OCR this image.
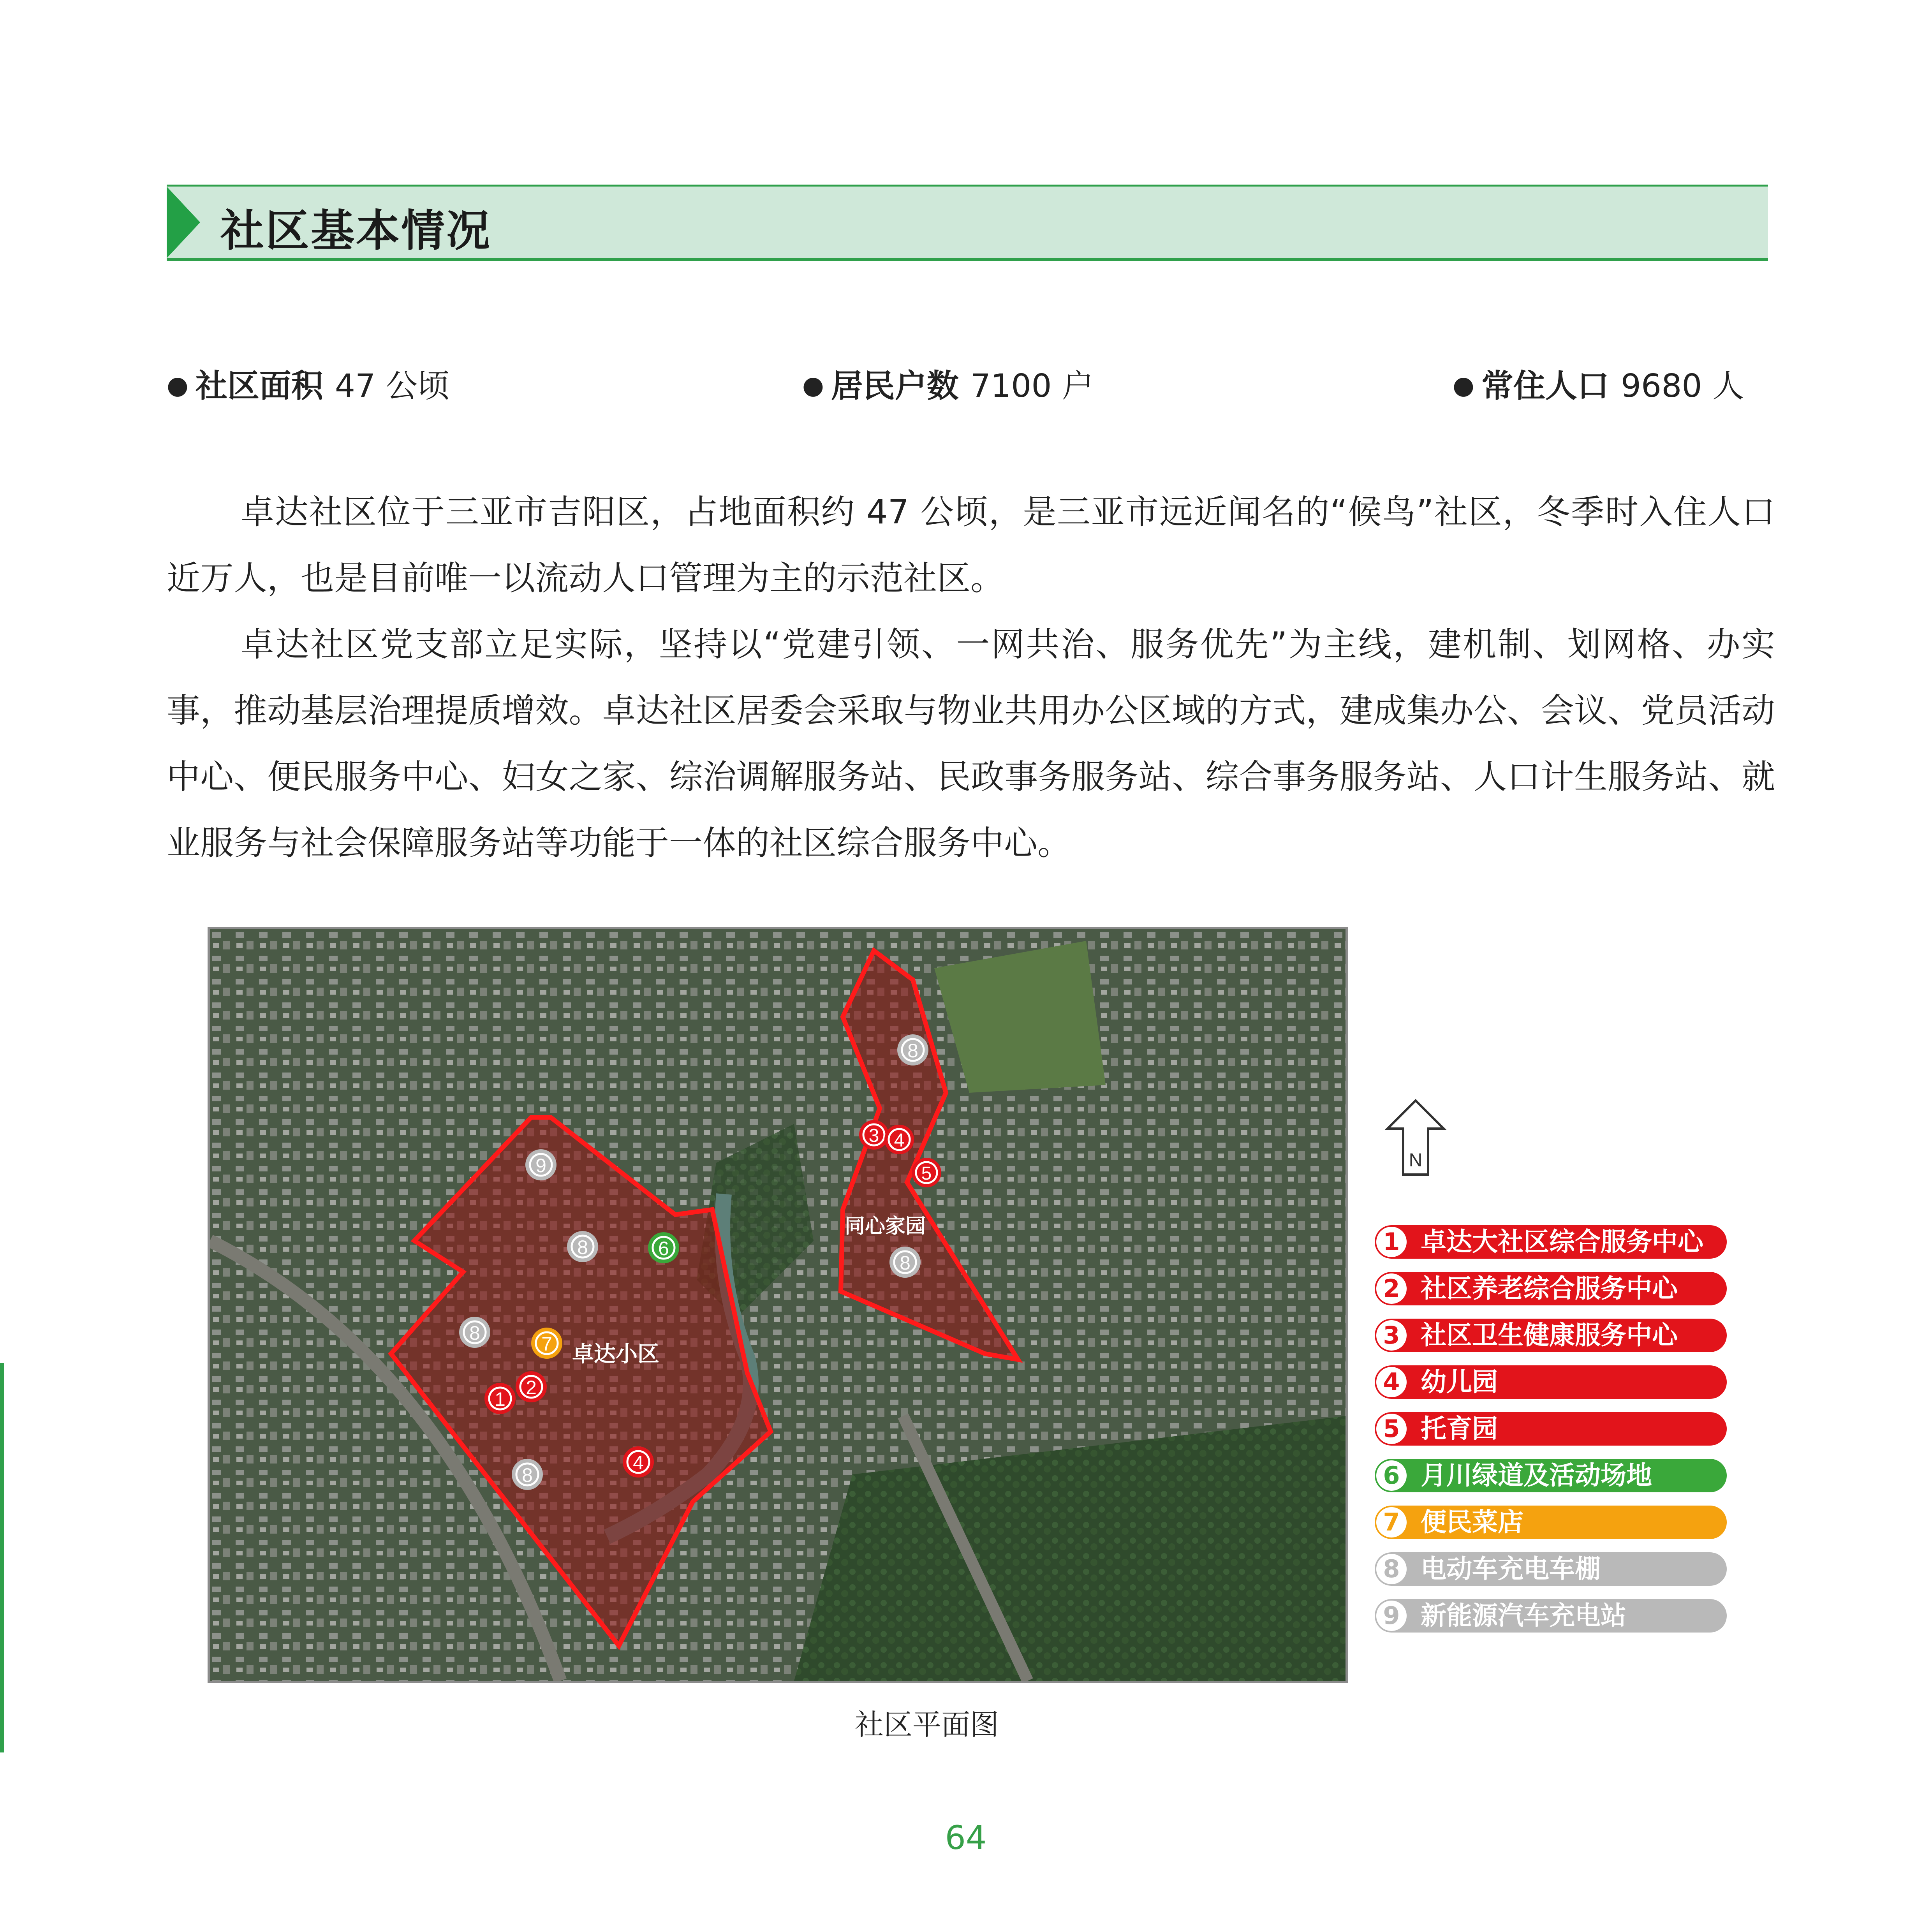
社区基本情况
● 社区面积 47 公顷	● 居民户数 7100 户	● 常住人口 9680 人

卓达社区位于三亚市吉阳区，占地面积约 47 公顷，是三亚市远近闻名的“候鸟”社区，冬季时入住人口近万人，也是目前唯一以流动人口管理为主的示范社区。

卓达社区党支部立足实际，坚持以“党建引领、一网共治、服务优先”为主线，建机制、划网格、办实事，推动基层治理提质增效。卓达社区居委会采取与物业共用办公区域的方式，建成集办公、会议、党员活动中心、便民服务中心、妇女之家、综治调解服务站、民政事务服务站、综合事务服务站、人口计生服务站、就业服务与社会保障服务站等功能于一体的社区综合服务中心。

卓达小区
同心家园
1
2
3 4
4
5
6
7
8
8
8
8
8
9	N
1 卓达大社区综合服务中心
2 社区养老综合服务中心
3 社区卫生健康服务中心
4 幼儿园
5 托育园
6 月川绿道及活动场地
7 便民菜店
8 电动车充电车棚
9 新能源汽车充电站
社区平面图
64
